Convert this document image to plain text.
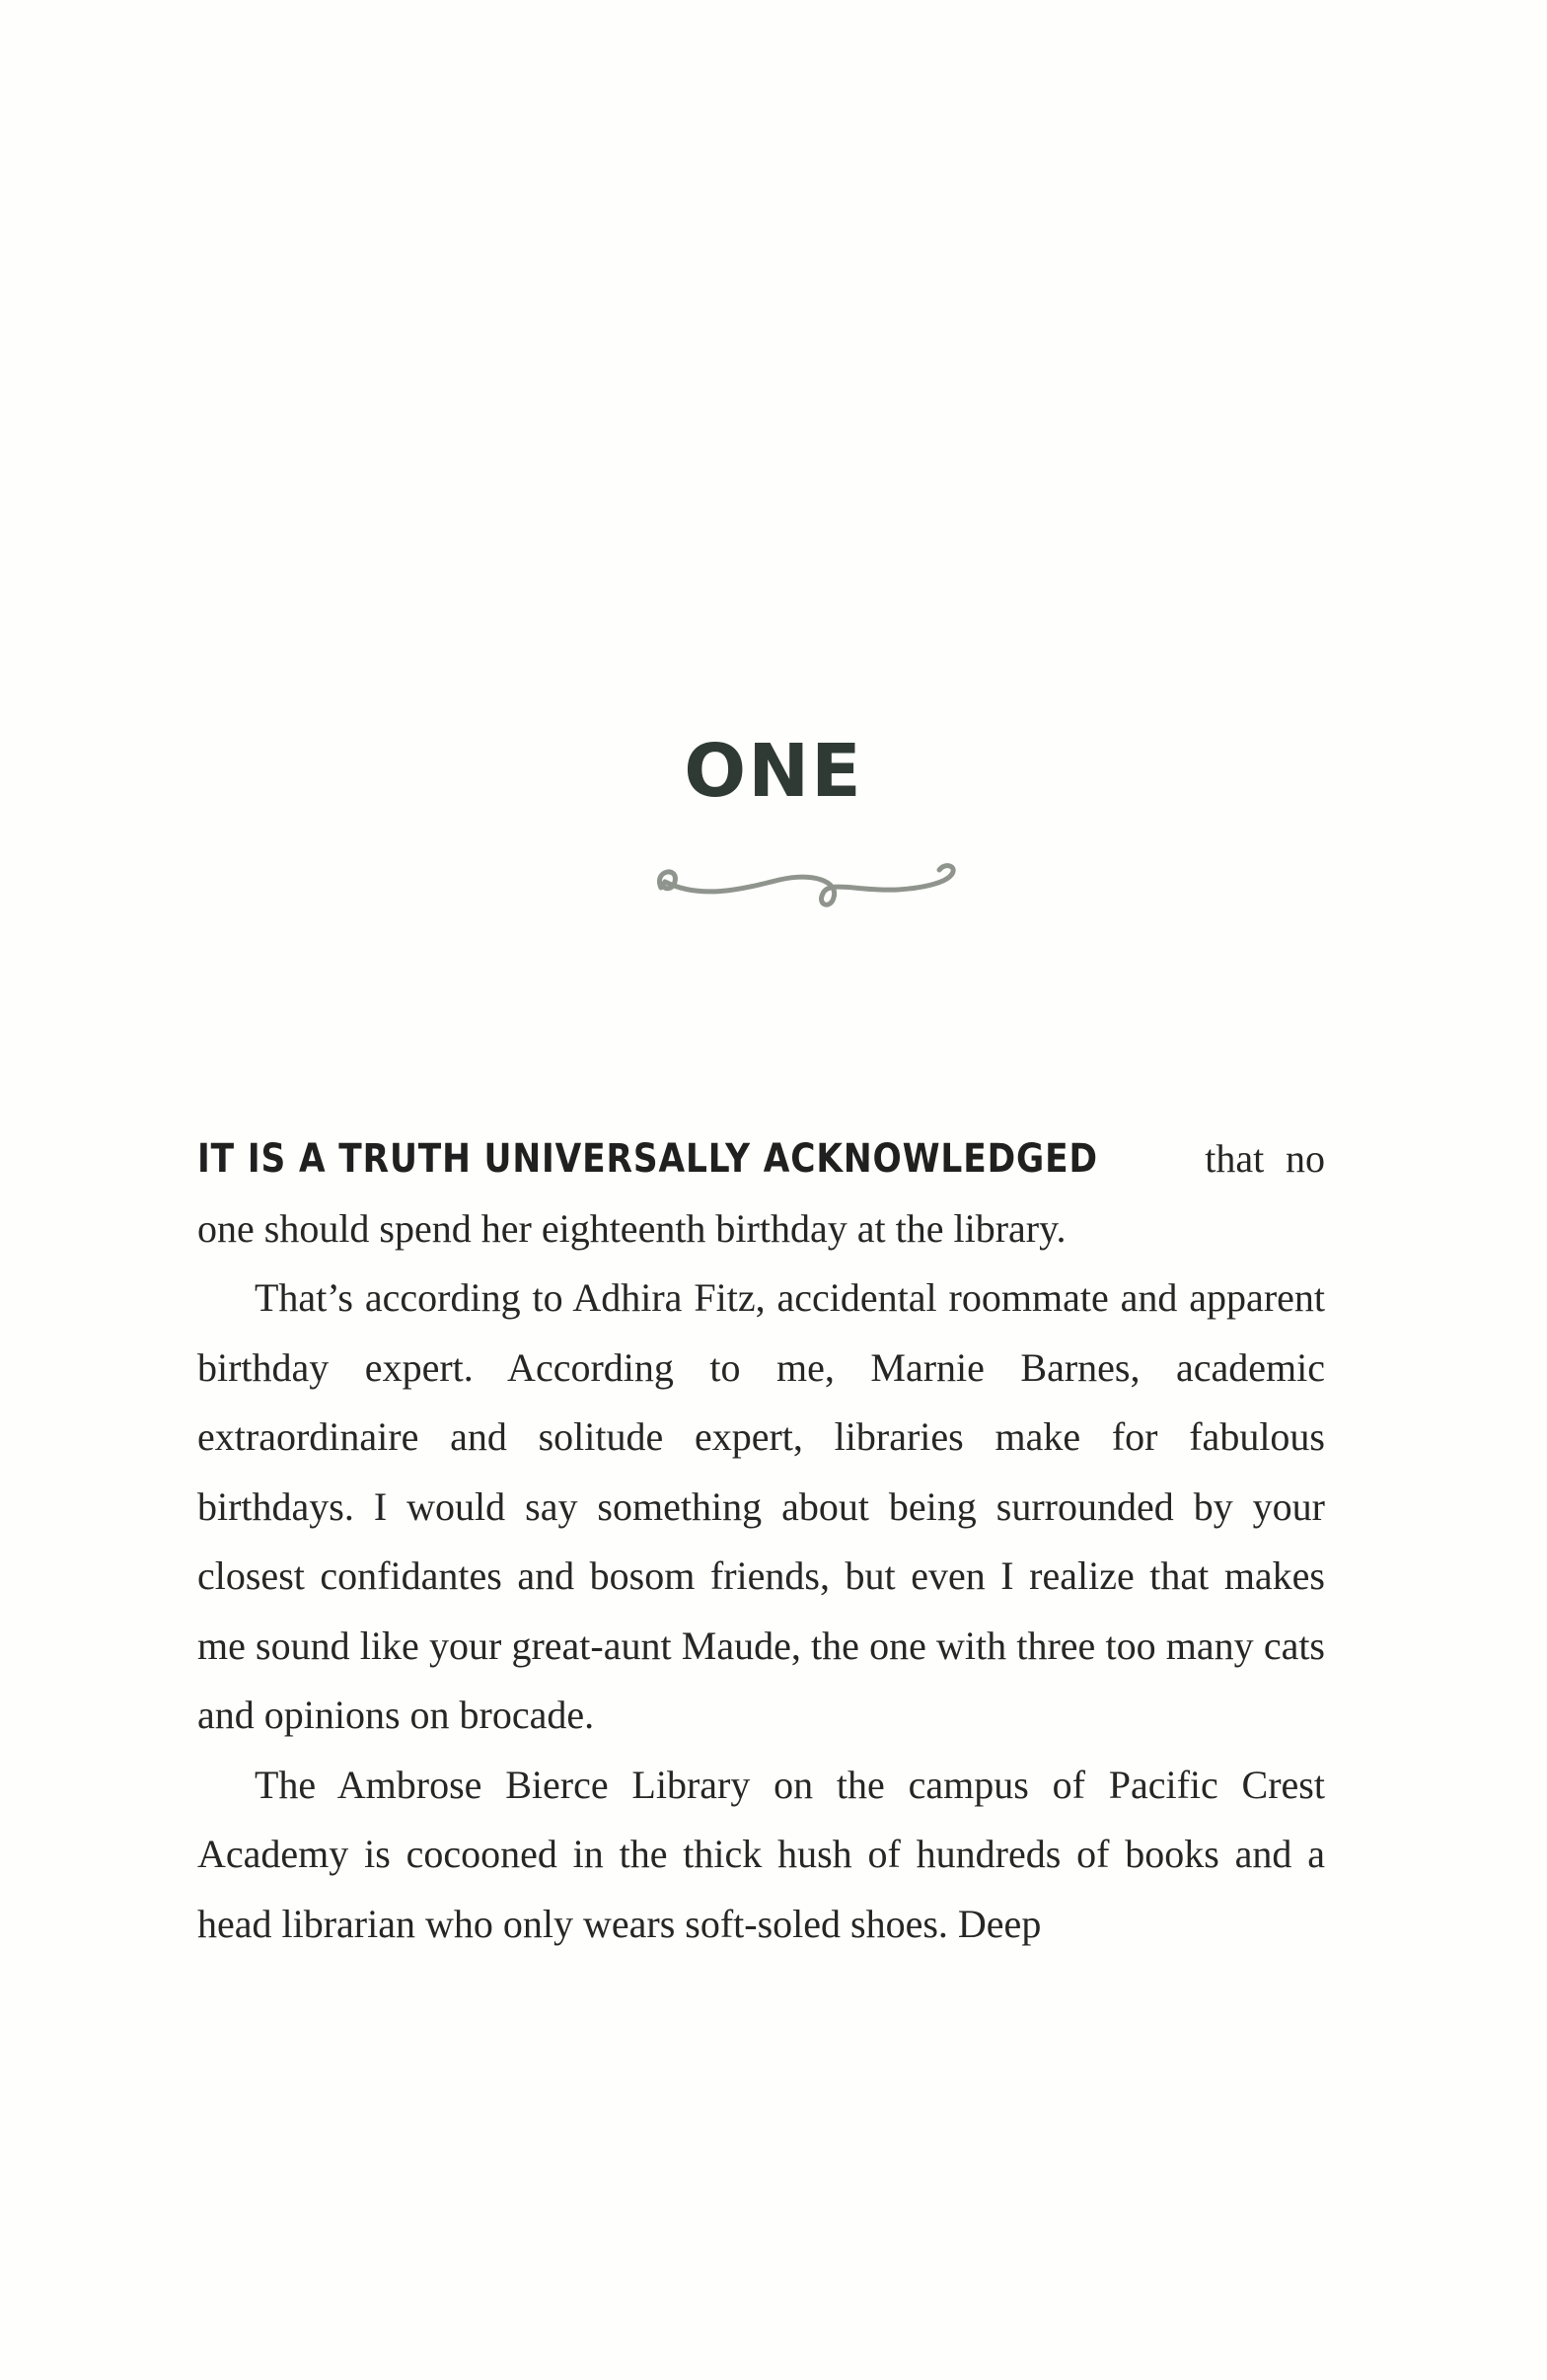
ONE

IT IS A TRUTH UNIVERSALLY ACKNOWLEDGED that no one should spend her eighteenth birthday at the library.

That’s according to Adhira Fitz, accidental roommate and apparent birthday expert. According to me, Marnie Barnes, academic extraordinaire and solitude expert, libraries make for fabulous birthdays. I would say something about being surrounded by your closest confidantes and bosom friends, but even I realize that makes me sound like your great-aunt Maude, the one with three too many cats and opinions on brocade.

The Ambrose Bierce Library on the campus of Pacific Crest Academy is cocooned in the thick hush of hundreds of books and a head librarian who only wears soft-soled shoes. Deep
